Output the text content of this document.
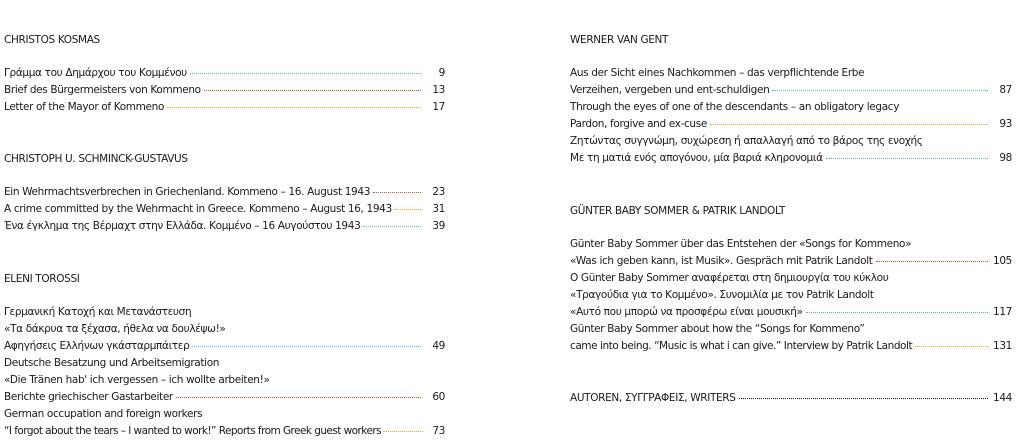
CHRISTOS KOSMAS
Γράμμα του Δημάρχου του Κομμένου	9
Brief des Bürgermeisters von Kommeno	13
Letter of the Mayor of Kommeno	17
CHRISTOPH U. SCHMINCK-GUSTAVUS
Ein Wehrmachtsverbrechen in Griechenland. Kommeno – 16. August 1943	23
A crime committed by the Wehrmacht in Greece. Kommeno – August 16, 1943	31
Ένα έγκλημα της Βέρμαχτ στην Ελλάδα. Κομμένο – 16 Αυγούστου 1943	39
ELENI TOROSSI
Γερμανική Κατοχή και Μετανάστευση
«Τα δάκρυα τα ξέχασα, ήθελα να δουλέψω!»
Αφηγήσεις Ελλήνων γκάσταρμπάιτερ	49
Deutsche Besatzung und Arbeitsemigration
«Die Tränen hab' ich vergessen – ich wollte arbeiten!»
Berichte griechischer Gastarbeiter	60
German occupation and foreign workers
“I forgot about the tears – I wanted to work!” Reports from Greek guest workers	73
WERNER VAN GENT
Aus der Sicht eines Nachkommen – das verpflichtende Erbe
Verzeihen, vergeben und ent-schuldigen	87
Through the eyes of one of the descendants – an obligatory legacy
Pardon, forgive and ex-cuse	93
Ζητώντας συγγνώμη, συχώρεση ή απαλλαγή από το βάρος της ενοχής
Με τη ματιά ενός απογόνου, μία βαριά κληρονομιά	98
GÜNTER BABY SOMMER & PATRIK LANDOLT
Günter Baby Sommer über das Entstehen der «Songs for Kommeno»
«Was ich geben kann, ist Musik». Gespräch mit Patrik Landolt	105
Ο Günter Baby Sommer αναφέρεται στη δημιουργία του κύκλου
«Τραγούδια για το Κομμένο». Συνομιλία με τον Patrik Landolt
«Αυτό που μπορώ να προσφέρω είναι μουσική»	117
Günter Baby Sommer about how the “Songs for Kommeno”
came into being. “Music is what i can give.” Interview by Patrik Landolt	131
AUTOREN, ΣΥΓΓΡΑΦΕΙΣ, WRITERS	144
